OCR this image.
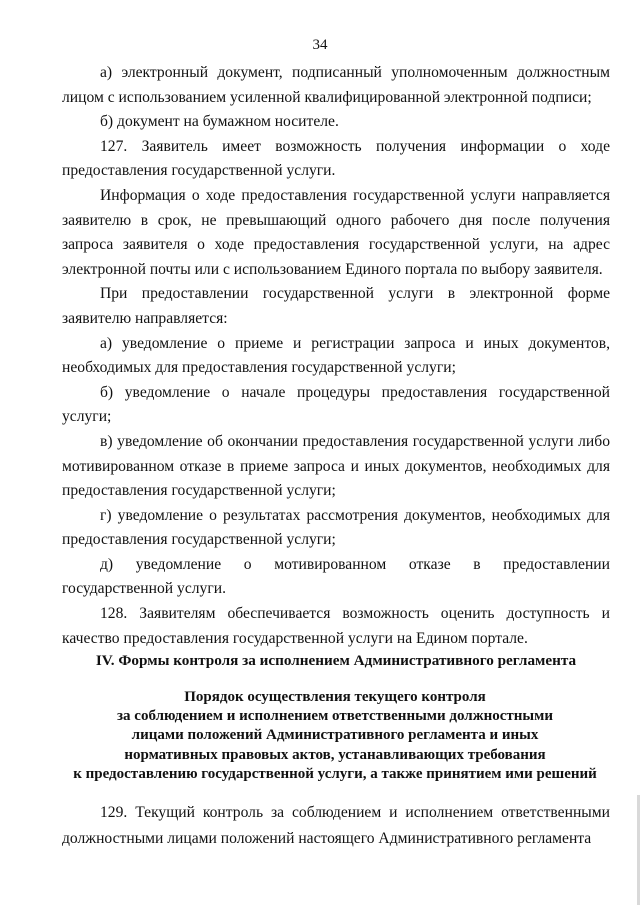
34

а) электронный документ, подписанный уполномоченным должностным лицом с использованием усиленной квалифицированной электронной подписи;

б) документ на бумажном носителе.

127. Заявитель имеет возможность получения информации о ходе предоставления государственной услуги.

Информация о ходе предоставления государственной услуги направляется заявителю в срок, не превышающий одного рабочего дня после получения запроса заявителя о ходе предоставления государственной услуги, на адрес электронной почты или с использованием Единого портала по выбору заявителя.

При предоставлении государственной услуги в электронной форме заявителю направляется:

а) уведомление о приеме и регистрации запроса и иных документов, необходимых для предоставления государственной услуги;

б) уведомление о начале процедуры предоставления государственной услуги;

в) уведомление об окончании предоставления государственной услуги либо мотивированном отказе в приеме запроса и иных документов, необходимых для предоставления государственной услуги;

г) уведомление о результатах рассмотрения документов, необходимых для предоставления государственной услуги;

д) уведомление о мотивированном отказе в предоставлении государственной услуги.

128. Заявителям обеспечивается возможность оценить доступность и качество предоставления государственной услуги на Едином портале.

IV. Формы контроля за исполнением Административного регламента
Порядок осуществления текущего контроля
за соблюдением и исполнением ответственными должностными
лицами положений Административного регламента и иных
нормативных правовых актов, устанавливающих требования
к предоставлению государственной услуги, а также принятием ими решений

129. Текущий контроль за соблюдением и исполнением ответственными должностными лицами положений настоящего Административного регламента
